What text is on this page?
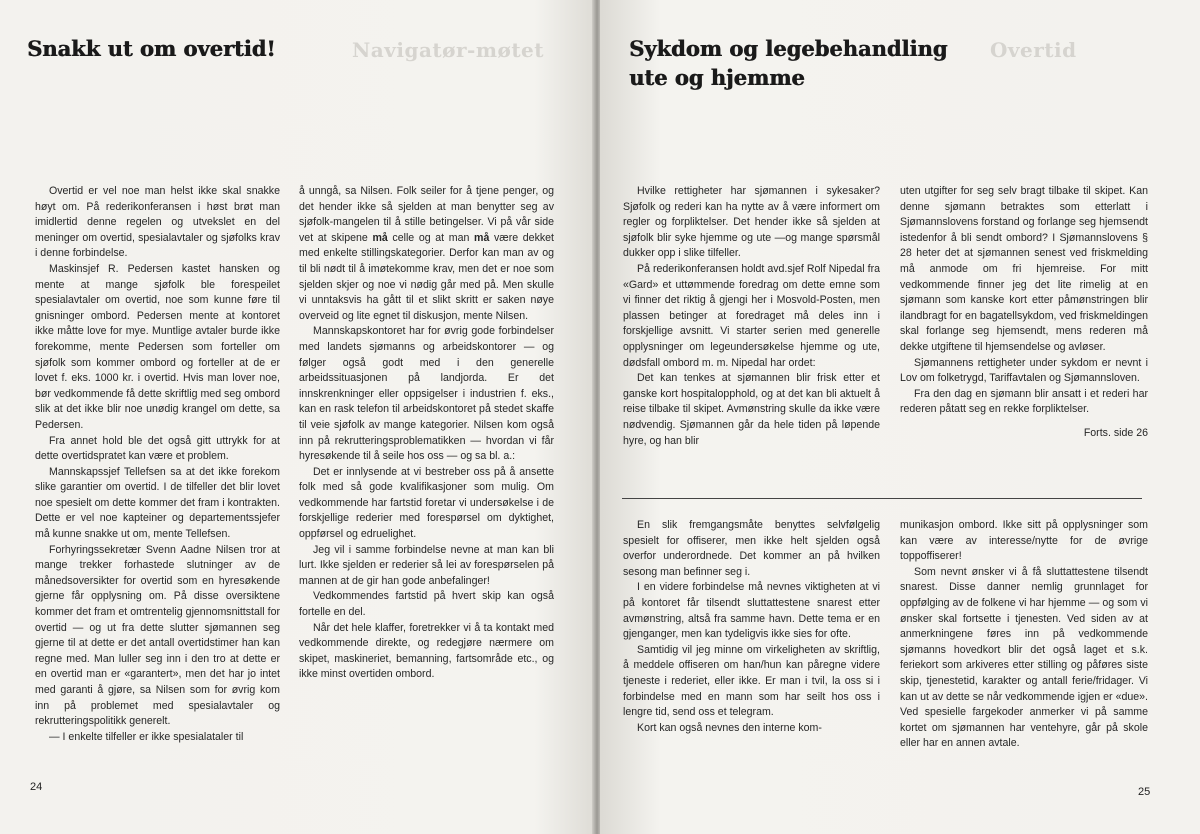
Navigatør-møtet
Snakk ut om overtid!

Overtid er vel noe man helst ikke skal snakke høyt om. På rederikonferansen i høst brøt man imidlertid denne regelen og utvekslet en del meninger om overtid, spesialavtaler og sjøfolks krav i denne forbindelse.

Maskinsjef R. Pedersen kastet hansken og mente at mange sjøfolk ble forespeilet spesialavtaler om overtid, noe som kunne føre til gnisninger ombord. Pedersen mente at kontoret ikke måtte love for mye. Muntlige avtaler burde ikke forekomme, mente Pedersen som forteller om sjøfolk som kommer ombord og forteller at de er lovet f. eks. 1000 kr. i overtid. Hvis man lover noe, bør vedkommende få dette skriftlig med seg ombord slik at det ikke blir noe unødig krangel om dette, sa Pedersen.

Fra annet hold ble det også gitt uttrykk for at dette overtidspratet kan være et problem.

Mannskapssjef Tellefsen sa at det ikke forekom slike garantier om overtid. I de tilfeller det blir lovet noe spesielt om dette kommer det fram i kontrakten. Dette er vel noe kapteiner og departementssjefer må kunne snakke ut om, mente Tellefsen.

Forhyringssekretær Svenn Aadne Nilsen tror at mange trekker forhastede slutninger av de månedsoversikter for overtid som en hyresøkende gjerne får opplysning om. På disse oversiktene kommer det fram et omtrentelig gjennomsnittstall for overtid — og ut fra dette slutter sjømannen seg gjerne til at dette er det antall overtidstimer han kan regne med. Man luller seg inn i den tro at dette er en overtid man er «garantert», men det har jo intet med garanti å gjøre, sa Nilsen som for øvrig kom inn på problemet med spesialavtaler og rekrutteringspolitikk generelt.

— I enkelte tilfeller er ikke spesialataler til

å unngå, sa Nilsen. Folk seiler for å tjene penger, og det hender ikke så sjelden at man benytter seg av sjøfolk-mangelen til å stille betingelser. Vi på vår side vet at skipene må celle og at man må være dekket med enkelte stillingskategorier. Derfor kan man av og til bli nødt til å imøtekomme krav, men det er noe som sjelden skjer og noe vi nødig går med på. Men skulle vi unntaksvis ha gått til et slikt skritt er saken nøye overveid og lite egnet til diskusjon, mente Nilsen.

Mannskapskontoret har for øvrig gode forbindelser med landets sjømanns og arbeidskontorer — og følger også godt med i den generelle arbeidssituasjonen på landjorda. Er det innskrenkninger eller oppsigelser i industrien f. eks., kan en rask telefon til arbeidskontoret på stedet skaffe til veie sjøfolk av mange kategorier. Nilsen kom også inn på rekrutteringsproblematikken — hvordan vi får hyresøkende til å seile hos oss — og sa bl. a.:

Det er innlysende at vi bestreber oss på å ansette folk med så gode kvalifikasjoner som mulig. Om vedkommende har fartstid foretar vi undersøkelse i de forskjellige rederier med forespørsel om dyktighet, oppførsel og edruelighet.

Jeg vil i samme forbindelse nevne at man kan bli lurt. Ikke sjelden er rederier så lei av forespørselen på mannen at de gir han gode anbefalinger!

Vedkommendes fartstid på hvert skip kan også fortelle en del.

Når det hele klaffer, foretrekker vi å ta kontakt med vedkommende direkte, og redegjøre nærmere om skipet, maskineriet, bemanning, fartsområde etc., og ikke minst overtiden ombord.

24
Overtid
Sykdom og legebehandling
ute og hjemme

Hvilke rettigheter har sjømannen i sykesaker? Sjøfolk og rederi kan ha nytte av å være informert om regler og forpliktelser. Det hender ikke så sjelden at sjøfolk blir syke hjemme og ute —og mange spørsmål dukker opp i slike tilfeller.

På rederikonferansen holdt avd.sjef Rolf Nipedal fra «Gard» et uttømmende foredrag om dette emne som vi finner det riktig å gjengi her i Mosvold-Posten, men plassen betinger at foredraget må deles inn i forskjellige avsnitt. Vi starter serien med generelle opplysninger om legeundersøkelse hjemme og ute, dødsfall ombord m. m. Nipedal har ordet:

Det kan tenkes at sjømannen blir frisk etter et ganske kort hospitalopphold, og at det kan bli aktuelt å reise tilbake til skipet. Avmønstring skulle da ikke være nødvendig. Sjømannen går da hele tiden på løpende hyre, og han blir

uten utgifter for seg selv bragt tilbake til skipet. Kan denne sjømann betraktes som etterlatt i Sjømannslovens forstand og forlange seg hjemsendt istedenfor å bli sendt ombord? I Sjømannslovens § 28 heter det at sjømannen senest ved friskmelding må anmode om fri hjemreise. For mitt vedkommende finner jeg det lite rimelig at en sjømann som kanske kort etter påmønstringen blir ilandbragt for en bagatellsykdom, ved friskmeldingen skal forlange seg hjemsendt, mens rederen må dekke utgiftene til hjemsendelse og avløser.

Sjømannens rettigheter under sykdom er nevnt i Lov om folketrygd, Tariffavtalen og Sjømannsloven.

Fra den dag en sjømann blir ansatt i et rederi har rederen påtatt seg en rekke forpliktelser.

Forts. side 26

En slik fremgangsmåte benyttes selvfølgelig spesielt for offiserer, men ikke helt sjelden også overfor underordnede. Det kommer an på hvilken sesong man befinner seg i.

I en videre forbindelse må nevnes viktigheten at vi på kontoret får tilsendt sluttattestene snarest etter avmønstring, altså fra samme havn. Dette tema er en gjenganger, men kan tydeligvis ikke sies for ofte.

Samtidig vil jeg minne om virkeligheten av skriftlig, å meddele offiseren om han/hun kan påregne videre tjeneste i rederiet, eller ikke. Er man i tvil, la oss si i forbindelse med en mann som har seilt hos oss i lengre tid, send oss et telegram.

Kort kan også nevnes den interne kom-

munikasjon ombord. Ikke sitt på opplysninger som kan være av interesse/nytte for de øvrige toppoffiserer!

Som nevnt ønsker vi å få sluttattestene tilsendt snarest. Disse danner nemlig grunnlaget for oppfølging av de folkene vi har hjemme — og som vi ønsker skal fortsette i tjenesten. Ved siden av at anmerkningene føres inn på vedkommende sjømanns hovedkort blir det også laget et s.k. feriekort som arkiveres etter stilling og påføres siste skip, tjenestetid, karakter og antall ferie/fridager. Vi kan ut av dette se når vedkommende igjen er «due». Ved spesielle fargekoder anmerker vi på samme kortet om sjømannen har ventehyre, går på skole eller har en annen avtale.

25
